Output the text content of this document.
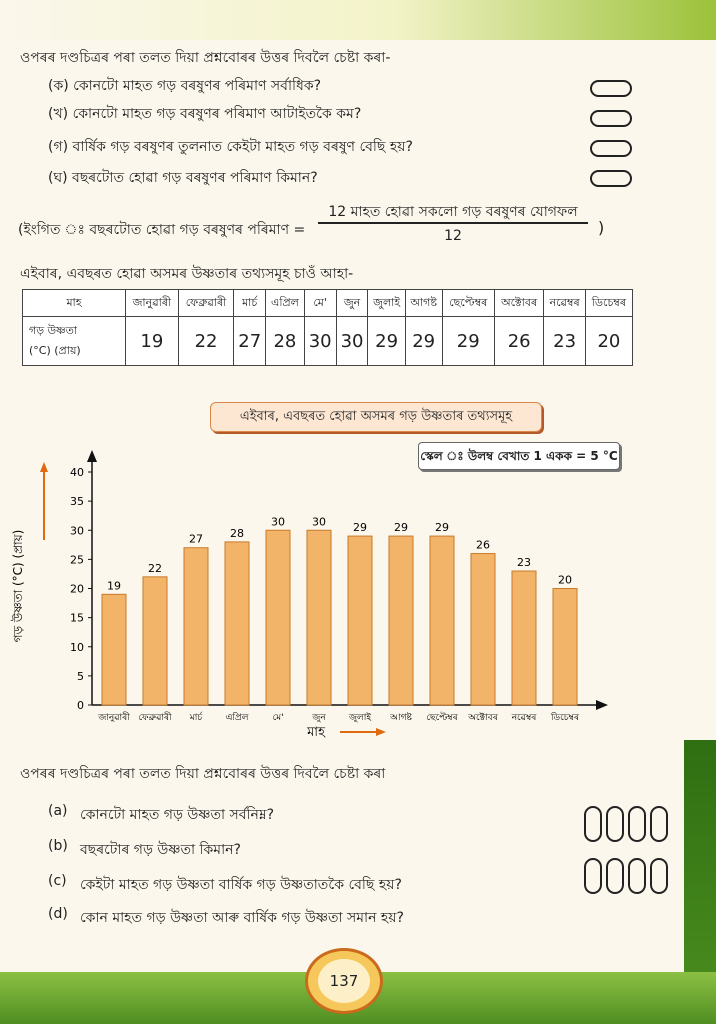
ওপৰৰ দণ্ডচিত্ৰৰ পৰা তলত দিয়া প্ৰশ্নবোৰৰ উত্তৰ দিবলৈ চেষ্টা কৰা-
(ক) কোনটো মাহত গড় বৰষুণৰ পৰিমাণ সৰ্বাধিক?
(খ) কোনটো মাহত গড় বৰষুণৰ পৰিমাণ আটাইতকৈ কম?
(গ) বাৰ্ষিক গড় বৰষুণৰ তুলনাত কেইটা মাহত গড় বৰষুণ বেছি হয়?
(ঘ) বছৰটোত হোৱা গড় বৰষুণৰ পৰিমাণ কিমান?
(ইংগিত ঃ বছৰটোত হোৱা গড় বৰষুণৰ পৰিমাণ =
12 মাহত হোৱা সকলো গড় বৰষুণৰ যোগফল
12	)
এইবাৰ, এবছৰত হোৱা অসমৰ উষ্ণতাৰ তথ্যসমূহ চাওঁ আহা-
মাহ	জানুৱাৰী	ফেব্ৰুৱাৰী	মাৰ্চ	এপ্ৰিল	মে'	জুন	জুলাই	আগষ্ট	ছেপ্টেম্বৰ	অক্টোবৰ	নৱেম্বৰ	ডিচেম্বৰ

গড় উষ্ণতা
(°C) (প্ৰায়)	19	22	27	28	30	30	29	29	29	26	23	20
এইবাৰ, এবছৰত হোৱা অসমৰ গড় উষ্ণতাৰ তথ্যসমূহ
স্কেল ঃ উলম্ব বেখাত 1 একক = 5 °C
0
5
10
15
20
25
30
35
40
19
জানুৱাৰী
22
ফেব্ৰুৱাৰী
27
মাৰ্চ
28
এপ্ৰিল
30
মে'
30
জুন
29
জুলাই
29
আগষ্ট
29
ছেপ্টেম্বৰ
26
অক্টোবৰ
23
নৱেম্বৰ
20
ডিচেম্বৰ
গড় উষ্ণতা (°C) (প্ৰায়)
মাহ
ওপৰৰ দণ্ডচিত্ৰৰ পৰা তলত দিয়া প্ৰশ্নবোৰৰ উত্তৰ দিবলৈ চেষ্টা কৰা
(a) কোনটো মাহত গড় উষ্ণতা সৰ্বনিম্ন?
(b) বছৰটোৰ গড় উষ্ণতা কিমান?
(c) কেইটা মাহত গড় উষ্ণতা বাৰ্ষিক গড় উষ্ণতাতকৈ বেছি হয়?
(d) কোন মাহত গড় উষ্ণতা আৰু বাৰ্ষিক গড় উষ্ণতা সমান হয়?
137
